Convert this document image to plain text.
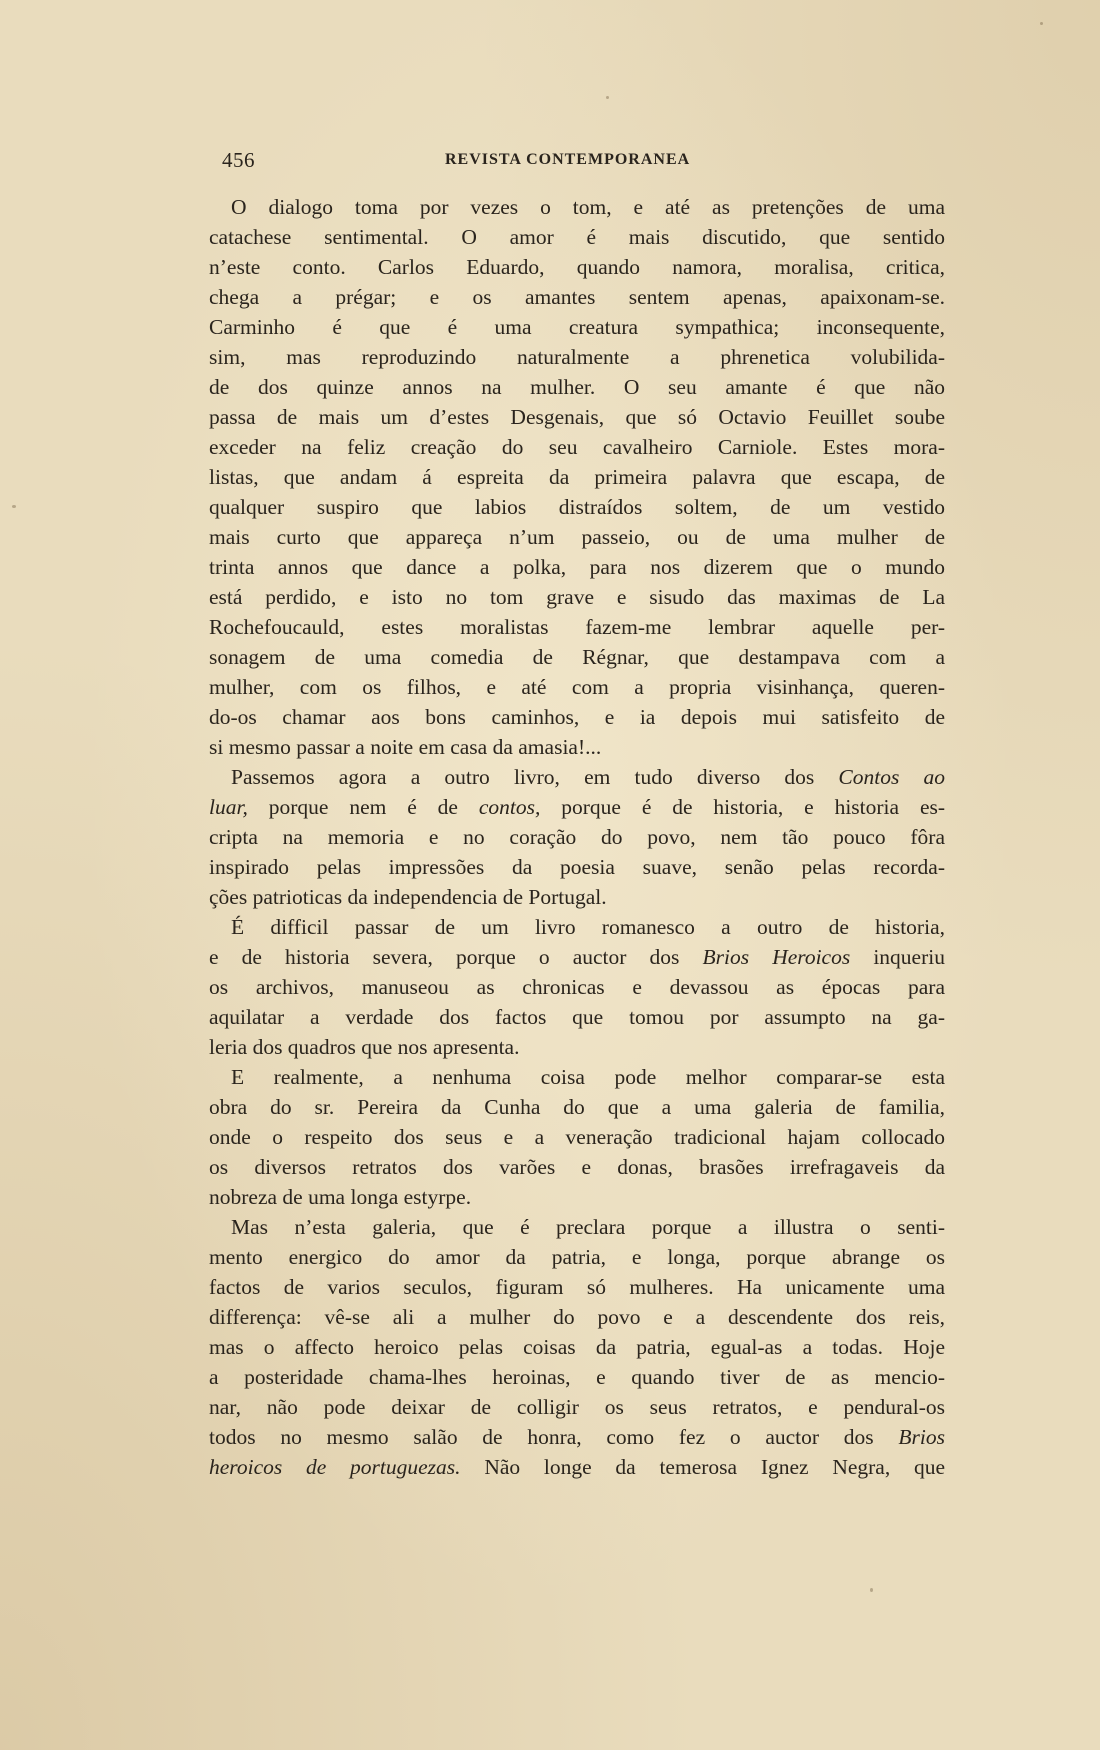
456	REVISTA CONTEMPORANEA
O dialogo toma por vezes o tom, e até as pretenções de uma
catachese sentimental. O amor é mais discutido, que sentido
n’este conto. Carlos Eduardo, quando namora, moralisa, critica,
chega a prégar; e os amantes sentem apenas, apaixonam-se.
Carminho é que é uma creatura sympathica; inconsequente,
sim, mas reproduzindo naturalmente a phrenetica volubilida-
de dos quinze annos na mulher. O seu amante é que não
passa de mais um d’estes Desgenais, que só Octavio Feuillet soube
exceder na feliz creação do seu cavalheiro Carniole. Estes mora-
listas, que andam á espreita da primeira palavra que escapa, de
qualquer suspiro que labios distraídos soltem, de um vestido
mais curto que appareça n’um passeio, ou de uma mulher de
trinta annos que dance a polka, para nos dizerem que o mundo
está perdido, e isto no tom grave e sisudo das maximas de La
Rochefoucauld, estes moralistas fazem-me lembrar aquelle per-
sonagem de uma comedia de Régnar, que destampava com a
mulher, com os filhos, e até com a propria visinhança, queren-
do-os chamar aos bons caminhos, e ia depois mui satisfeito de
si mesmo passar a noite em casa da amasia!...
Passemos agora a outro livro, em tudo diverso dos Contos ao
luar, porque nem é de contos, porque é de historia, e historia es-
cripta na memoria e no coração do povo, nem tão pouco fôra
inspirado pelas impressões da poesia suave, senão pelas recorda-
ções patrioticas da independencia de Portugal.
É difficil passar de um livro romanesco a outro de historia,
e de historia severa, porque o auctor dos Brios Heroicos inqueriu
os archivos, manuseou as chronicas e devassou as épocas para
aquilatar a verdade dos factos que tomou por assumpto na ga-
leria dos quadros que nos apresenta.
E realmente, a nenhuma coisa pode melhor comparar-se esta
obra do sr. Pereira da Cunha do que a uma galeria de familia,
onde o respeito dos seus e a veneração tradicional hajam collocado
os diversos retratos dos varões e donas, brasões irrefragaveis da
nobreza de uma longa estyrpe.
Mas n’esta galeria, que é preclara porque a illustra o senti-
mento energico do amor da patria, e longa, porque abrange os
factos de varios seculos, figuram só mulheres. Ha unicamente uma
differença: vê-se ali a mulher do povo e a descendente dos reis,
mas o affecto heroico pelas coisas da patria, egual-as a todas. Hoje
a posteridade chama-lhes heroinas, e quando tiver de as mencio-
nar, não pode deixar de colligir os seus retratos, e pendural-os
todos no mesmo salão de honra, como fez o auctor dos Brios
heroicos de portuguezas. Não longe da temerosa Ignez Negra, que
